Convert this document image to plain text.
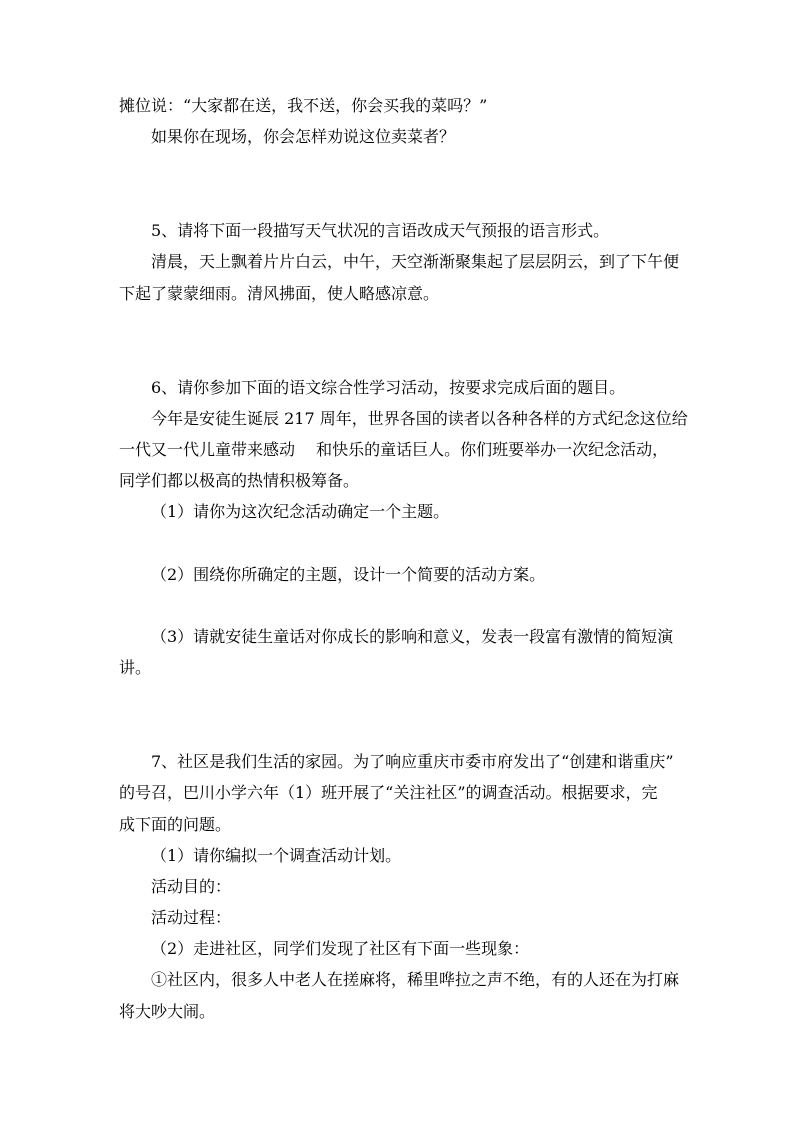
摊位说：“大家都在送，我不送，你会买我的菜吗？”

如果你在现场，你会怎样劝说这位卖菜者？

5、请将下面一段描写天气状况的言语改成天气预报的语言形式。

清晨，天上飘着片片白云，中午，天空渐渐聚集起了层层阴云，到了下午便

下起了蒙蒙细雨。清风拂面，使人略感凉意。

6、请你参加下面的语文综合性学习活动，按要求完成后面的题目。

今年是安徒生诞辰 217 周年，世界各国的读者以各种各样的方式纪念这位给

一代又一代儿童带来感动　 和快乐的童话巨人。你们班要举办一次纪念活动，

同学们都以极高的热情积极筹备。

（1）请你为这次纪念活动确定一个主题。

（2）围绕你所确定的主题，设计一个简要的活动方案。

（3）请就安徒生童话对你成长的影响和意义，发表一段富有激情的简短演

讲。

7、社区是我们生活的家园。为了响应重庆市委市府发出了“创建和谐重庆”

的号召，巴川小学六年（1）班开展了“关注社区”的调查活动。根据要求，完

成下面的问题。

（1）请你编拟一个调查活动计划。

活动目的：

活动过程：

（2）走进社区，同学们发现了社区有下面一些现象：

①社区内，很多人中老人在搓麻将，稀里哗拉之声不绝，有的人还在为打麻

将大吵大闹。
